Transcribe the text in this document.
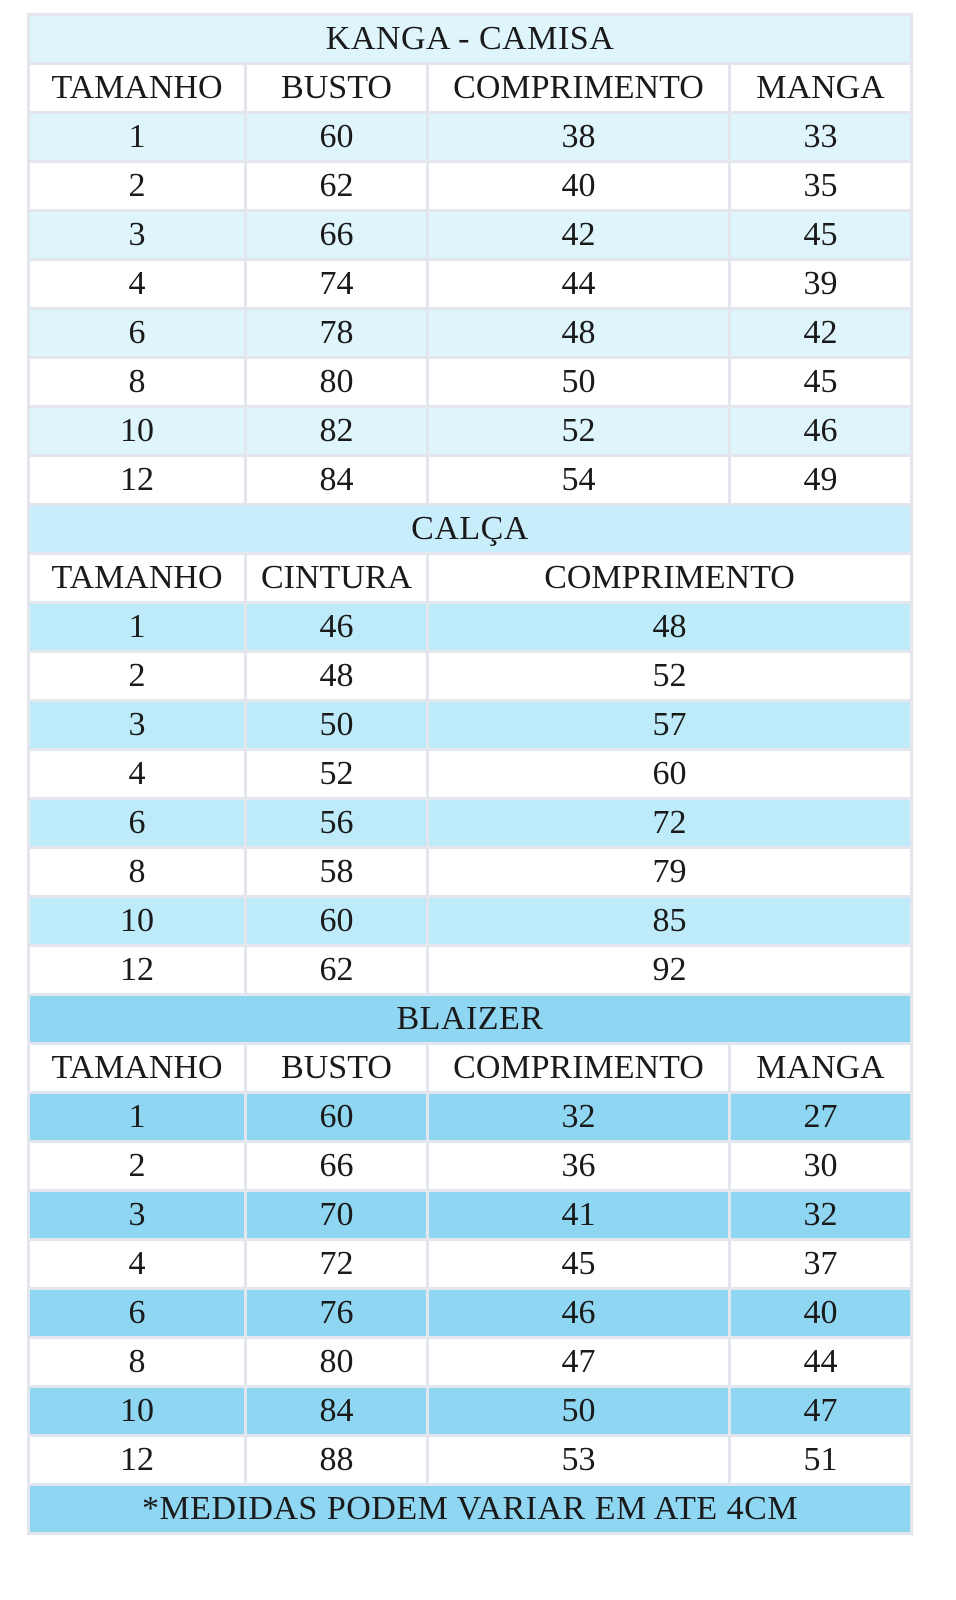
KANGA - CAMISA			
TAMANHO	BUSTO	COMPRIMENTO	MANGA
1	60	38	33
2	62	40	35
3	66	42	45
4	74	44	39
6	78	48	42
8	80	50	45
10	82	52	46
12	84	54	49
CALÇA			
TAMANHO	CINTURA	COMPRIMENTO	
1	46	48	
2	48	52	
3	50	57	
4	52	60	
6	56	72	
8	58	79	
10	60	85	
12	62	92	
BLAIZER			
TAMANHO	BUSTO	COMPRIMENTO	MANGA
1	60	32	27
2	66	36	30
3	70	41	32
4	72	45	37
6	76	46	40
8	80	47	44
10	84	50	47
12	88	53	51
*MEDIDAS PODEM VARIAR EM ATE 4CM			
